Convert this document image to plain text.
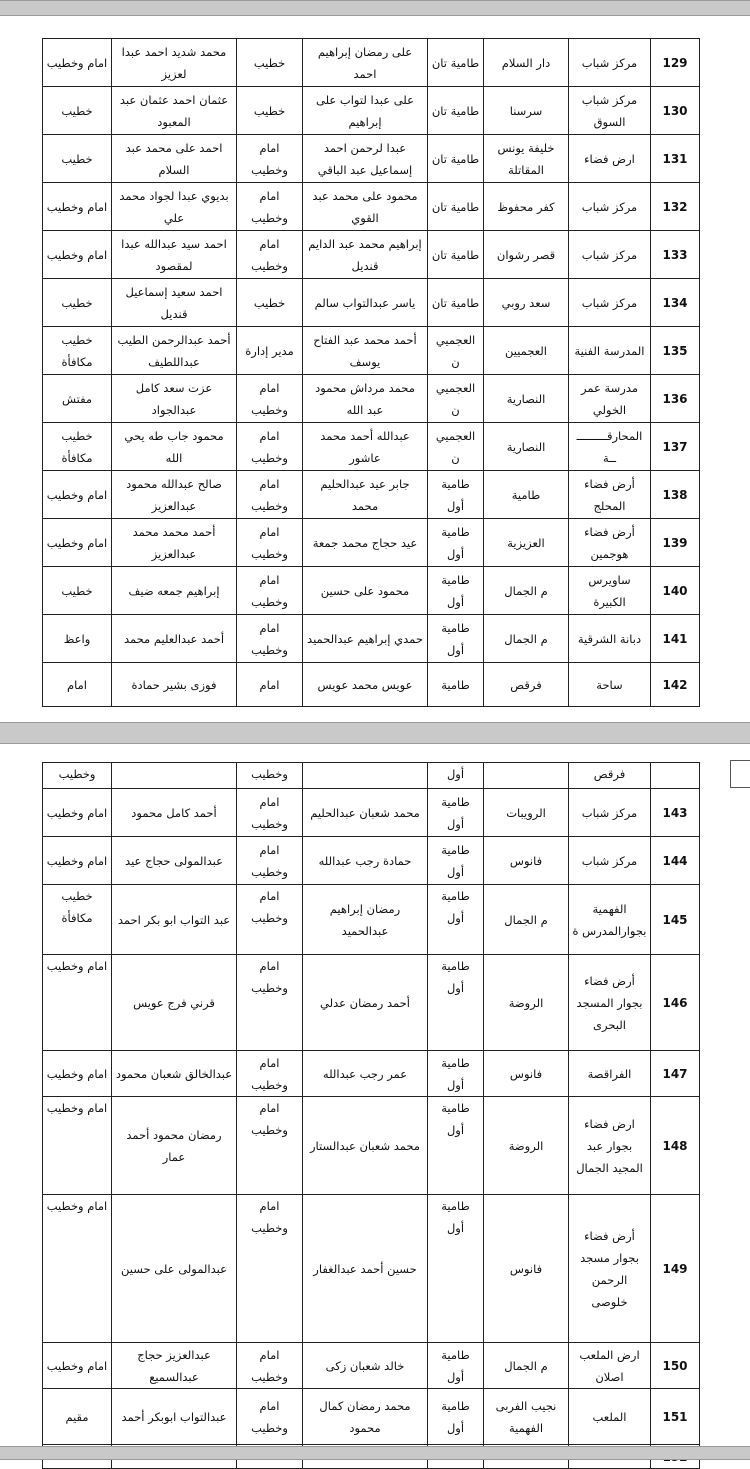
امام وخطيب	محمد شديد احمد عبدا لعزيز	خطيب	على رمضان إبراهيم احمد	طامية تان	دار السلام	مركز شباب	129
خطيب	عثمان احمد عثمان عبد المعبود	خطيب	على عبدا لتواب على إبراهيم	طامية تان	سرسنا	مركز شباب السوق	130
خطيب	احمد على محمد عبد السلام	امام وخطيب	عبدا لرحمن احمد إسماعيل عبد الباقي	طامية تان	خليفة يونس المقاتلة	ارض فضاء	131
امام وخطيب	بديوي عبدا لجواد محمد علي	امام وخطيب	محمود على محمد عبد القوي	طامية تان	كفر محفوظ	مركز شباب	132
امام وخطيب	احمد سيد عبدالله عبدا لمقصود	امام وخطيب	إبراهيم محمد عبد الدايم قنديل	طامية تان	قصر رشوان	مركز شباب	133
خطيب	احمد سعيد إسماعيل قنديل	خطيب	ياسر عبدالتواب سالم	طامية تان	سعد روبي	مركز شباب	134
خطيب مكافأة	أحمد عبدالرحمن الطيب عبداللطيف	مدير إدارة	أحمد محمد عبد الفتاح يوسف	العجميي ن	العجميين	المدرسة الفنية	135
مفتش	عزت سعد كامل عبدالجواد	امام وخطيب	محمد مرداش محمود عبد الله	العجميي ن	النصارية	مدرسة عمر الخولي	136
خطيب مكافأة	محمود جاب طه يحي الله	امام وخطيب	عبدالله أحمد محمد عاشور	العجميي ن	النصارية	المحارقـــــــــ ــة	137
امام وخطيب	صالح عبدالله محمود عبدالعزيز	امام وخطيب	جابر عيد عبدالحليم محمد	طامية أول	طامية	أرض فضاء المحلج	138
امام وخطيب	أحمد محمد محمد عبدالعزيز	امام وخطيب	عيد حجاج محمد جمعة	طامية أول	العزيزية	أرض فضاء هوجمين	139
خطيب	إبراهيم جمعه ضيف	امام وخطيب	محمود على حسين	طامية أول	م الجمال	ساويرس الكبيرة	140
واعظ	أحمد عبدالعليم محمد	امام وخطيب	حمدي إبراهيم عبدالحميد	طامية أول	م الجمال	دبانة الشرقية	141
امام	فوزى بشير حمادة	امام	عويس محمد عويس	طامية	فرقص	ساحة	142
وخطيب		وخطيب		أول		فرقص	
امام وخطيب	أحمد كامل محمود	امام وخطيب	محمد شعبان عبدالحليم	طامية أول	الرويبات	مركز شباب	143
امام وخطيب	عبدالمولى حجاج عيد	امام وخطيب	حمادة رجب عبدالله	طامية أول	فانوس	مركز شباب	144
خطيب مكافأة	عبد التواب ابو بكر احمد	امام وخطيب	رمضان إبراهيم عبدالحميد	طامية أول	م الجمال	الفهمية بجوارالمدرس ة	145
امام وخطيب	قرني فرج عويس	امام وخطيب	أحمد رمضان عدلي	طامية أول	الروضة	أرض فضاء بجوار المسجد البحرى	146
امام وخطيب	عبدالخالق شعبان محمود	امام وخطيب	عمر رجب عبدالله	طامية أول	فانوس	الفراقصة	147
امام وخطيب	رمضان محمود أحمد عمار	امام وخطيب	محمد شعبان عبدالستار	طامية أول	الروضة	ارض فضاء بجوار عبد المجيد الجمال	148
امام وخطيب	عبدالمولى على حسين	امام وخطيب	حسين أحمد عبدالغفار	طامية أول	فانوس	أرض فضاء بجوار مسجد الرحمن خلوصى	149
امام وخطيب	عبدالعزيز حجاج عبدالسميع	امام وخطيب	خالد شعبان زكى	طامية أول	م الجمال	ارض الملعب اصلان	150
مقيم	عبدالتواب ابوبكر أحمد	امام وخطيب	محمد رمضان كمال محمود	طامية أول	نجيب الفربى الفهمية	الملعب	151
